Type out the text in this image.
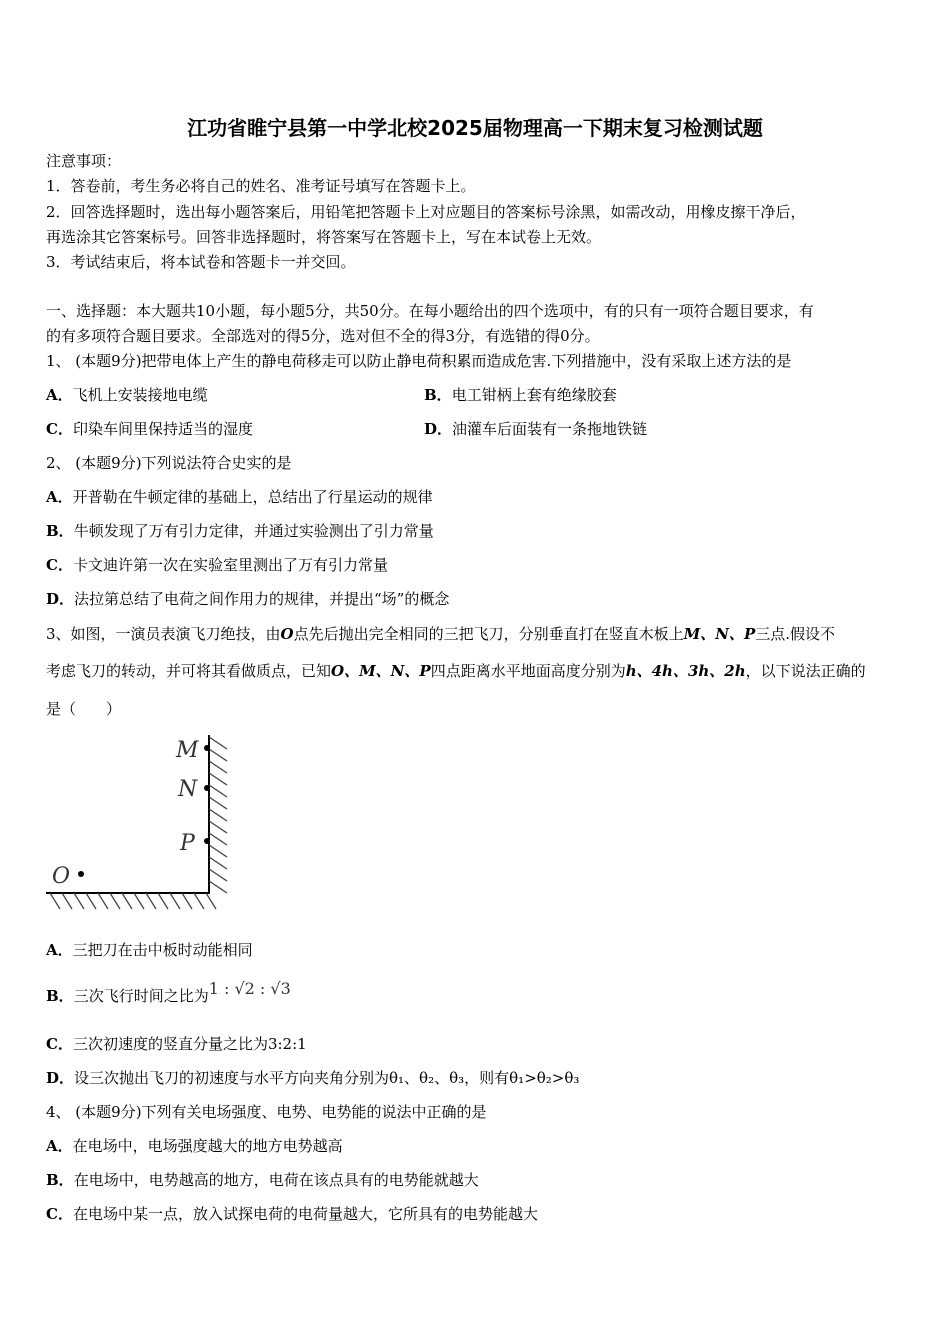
江功省睢宁县第一中学北校2025届物理高一下期末复习检测试题
注意事项：
1．答卷前，考生务必将自己的姓名、准考证号填写在答题卡上。
2．回答选择题时，选出每小题答案后，用铅笔把答题卡上对应题目的答案标号涂黑，如需改动，用橡皮擦干净后，
再选涂其它答案标号。回答非选择题时，将答案写在答题卡上，写在本试卷上无效。
3．考试结束后，将本试卷和答题卡一并交回。
一、选择题：本大题共10小题，每小题5分，共50分。在每小题给出的四个选项中，有的只有一项符合题目要求，有
的有多项符合题目要求。全部选对的得5分，选对但不全的得3分，有选错的得0分。
1、 (本题9分)把带电体上产生的静电荷移走可以防止静电荷积累而造成危害.下列措施中，没有采取上述方法的是
A．飞机上安装接地电缆	B．电工钳柄上套有绝缘胶套
C．印染车间里保持适当的湿度	D．油灌车后面装有一条拖地铁链
2、 (本题9分)下列说法符合史实的是
A．开普勒在牛顿定律的基础上，总结出了行星运动的规律
B．牛顿发现了万有引力定律，并通过实验测出了引力常量
C．卡文迪许第一次在实验室里测出了万有引力常量
D．法拉第总结了电荷之间作用力的规律，并提出“场”的概念
3、如图，一演员表演飞刀绝技，由O点先后抛出完全相同的三把飞刀，分别垂直打在竖直木板上M、N、P三点.假设不
考虑飞刀的转动，并可将其看做质点，已知O、M、N、P四点距离水平地面高度分别为h、4h、3h、2h，以下说法正确的
是（　　）
M
N
P
O
A．三把刀在击中板时动能相同
B．三次飞行时间之比为1 : √2 : √3
C．三次初速度的竖直分量之比为3:2:1
D．设三次抛出飞刀的初速度与水平方向夹角分别为θ₁、θ₂、θ₃，则有θ₁>θ₂>θ₃
4、 (本题9分)下列有关电场强度、电势、电势能的说法中正确的是
A．在电场中，电场强度越大的地方电势越高
B．在电场中，电势越高的地方，电荷在该点具有的电势能就越大
C．在电场中某一点，放入试探电荷的电荷量越大，它所具有的电势能越大
